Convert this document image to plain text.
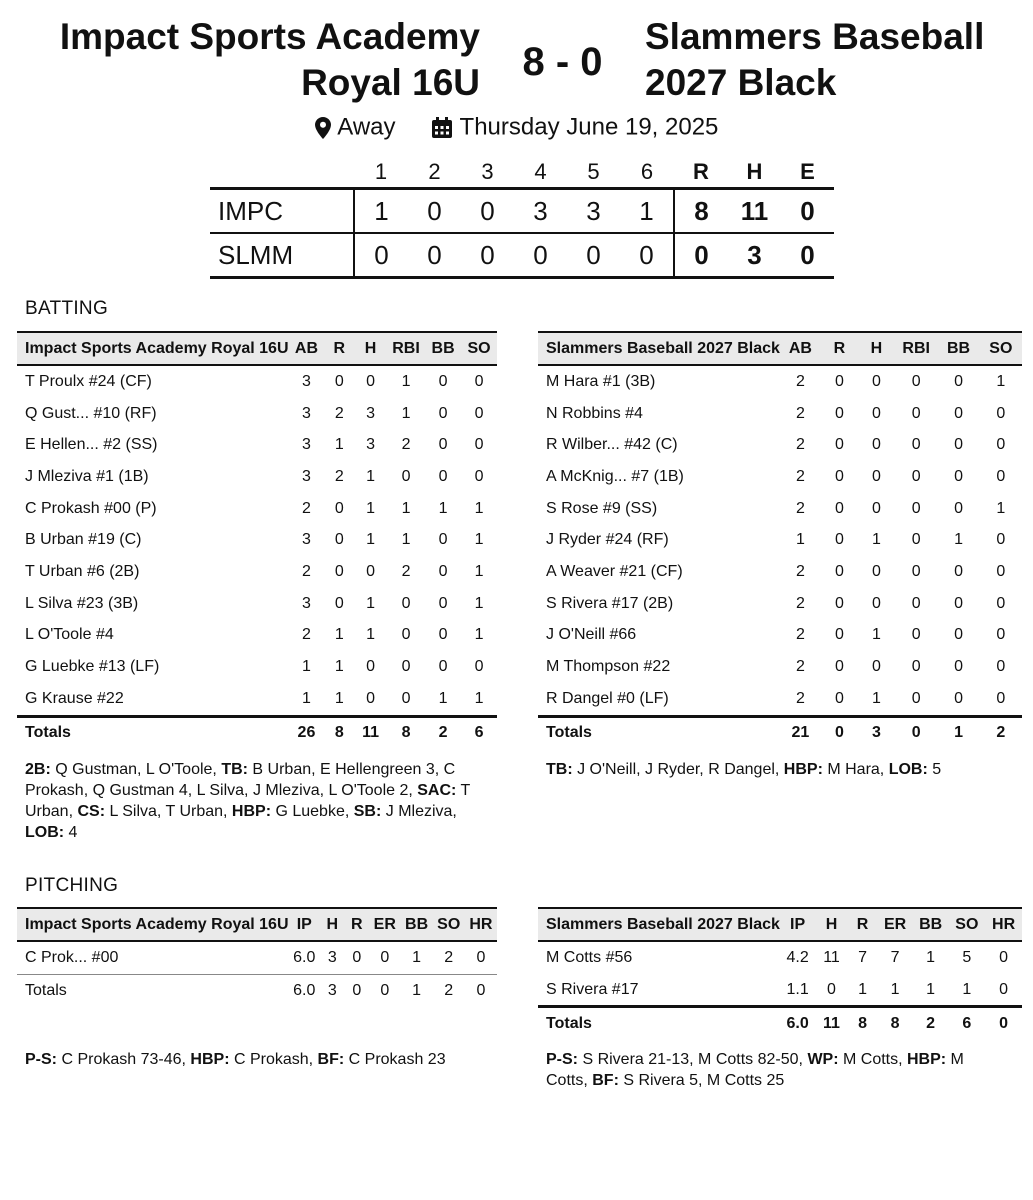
Impact Sports Academy
Royal 16U	8 - 0
Slammers Baseball
2027 Black
Away	Thursday June 19, 2025
	1	2	3	4	5	6	R	H	E
IMPC	1	0	0	3	3	1	8	11	0
SLMM	0	0	0	0	0	0	0	3	0
BATTING
Impact Sports Academy Royal 16U	AB	R	H	RBI	BB	SO
T Proulx #24 (CF)	3	0	0	1	0	0
Q Gust... #10 (RF)	3	2	3	1	0	0
E Hellen... #2 (SS)	3	1	3	2	0	0
J Mleziva #1 (1B)	3	2	1	0	0	0
C Prokash #00 (P)	2	0	1	1	1	1
B Urban #19 (C)	3	0	1	1	0	1
T Urban #6 (2B)	2	0	0	2	0	1
L Silva #23 (3B)	3	0	1	0	0	1
L O'Toole #4	2	1	1	0	0	1
G Luebke #13 (LF)	1	1	0	0	0	0
G Krause #22	1	1	0	0	1	1
Totals	26	8	11	8	2	6
Slammers Baseball 2027 Black	AB	R	H	RBI	BB	SO
M Hara #1 (3B)	2	0	0	0	0	1
N Robbins #4	2	0	0	0	0	0
R Wilber... #42 (C)	2	0	0	0	0	0
A McKnig... #7 (1B)	2	0	0	0	0	0
S Rose #9 (SS)	2	0	0	0	0	1
J Ryder #24 (RF)	1	0	1	0	1	0
A Weaver #21 (CF)	2	0	0	0	0	0
S Rivera #17 (2B)	2	0	0	0	0	0
J O'Neill #66	2	0	1	0	0	0
M Thompson #22	2	0	0	0	0	0
R Dangel #0 (LF)	2	0	1	0	0	0
Totals	21	0	3	0	1	2
2B: Q Gustman, L O'Toole, TB: B Urban, E Hellengreen 3, C Prokash, Q Gustman 4, L Silva, J Mleziva, L O'Toole 2, SAC: T Urban, CS: L Silva, T Urban, HBP: G Luebke, SB: J Mleziva, LOB: 4
TB: J O'Neill, J Ryder, R Dangel, HBP: M Hara, LOB: 5
PITCHING
Impact Sports Academy Royal 16U	IP	H	R	ER	BB	SO	HR
C Prok... #00	6.0	3	0	0	1	2	0
Totals	6.0	3	0	0	1	2	0
Slammers Baseball 2027 Black	IP	H	R	ER	BB	SO	HR
M Cotts #56	4.2	11	7	7	1	5	0
S Rivera #17	1.1	0	1	1	1	1	0
Totals	6.0	11	8	8	2	6	0
P-S: C Prokash 73-46, HBP: C Prokash, BF: C Prokash 23	P-S: S Rivera 21-13, M Cotts 82-50, WP: M Cotts, HBP: M Cotts, BF: S Rivera 5, M Cotts 25
